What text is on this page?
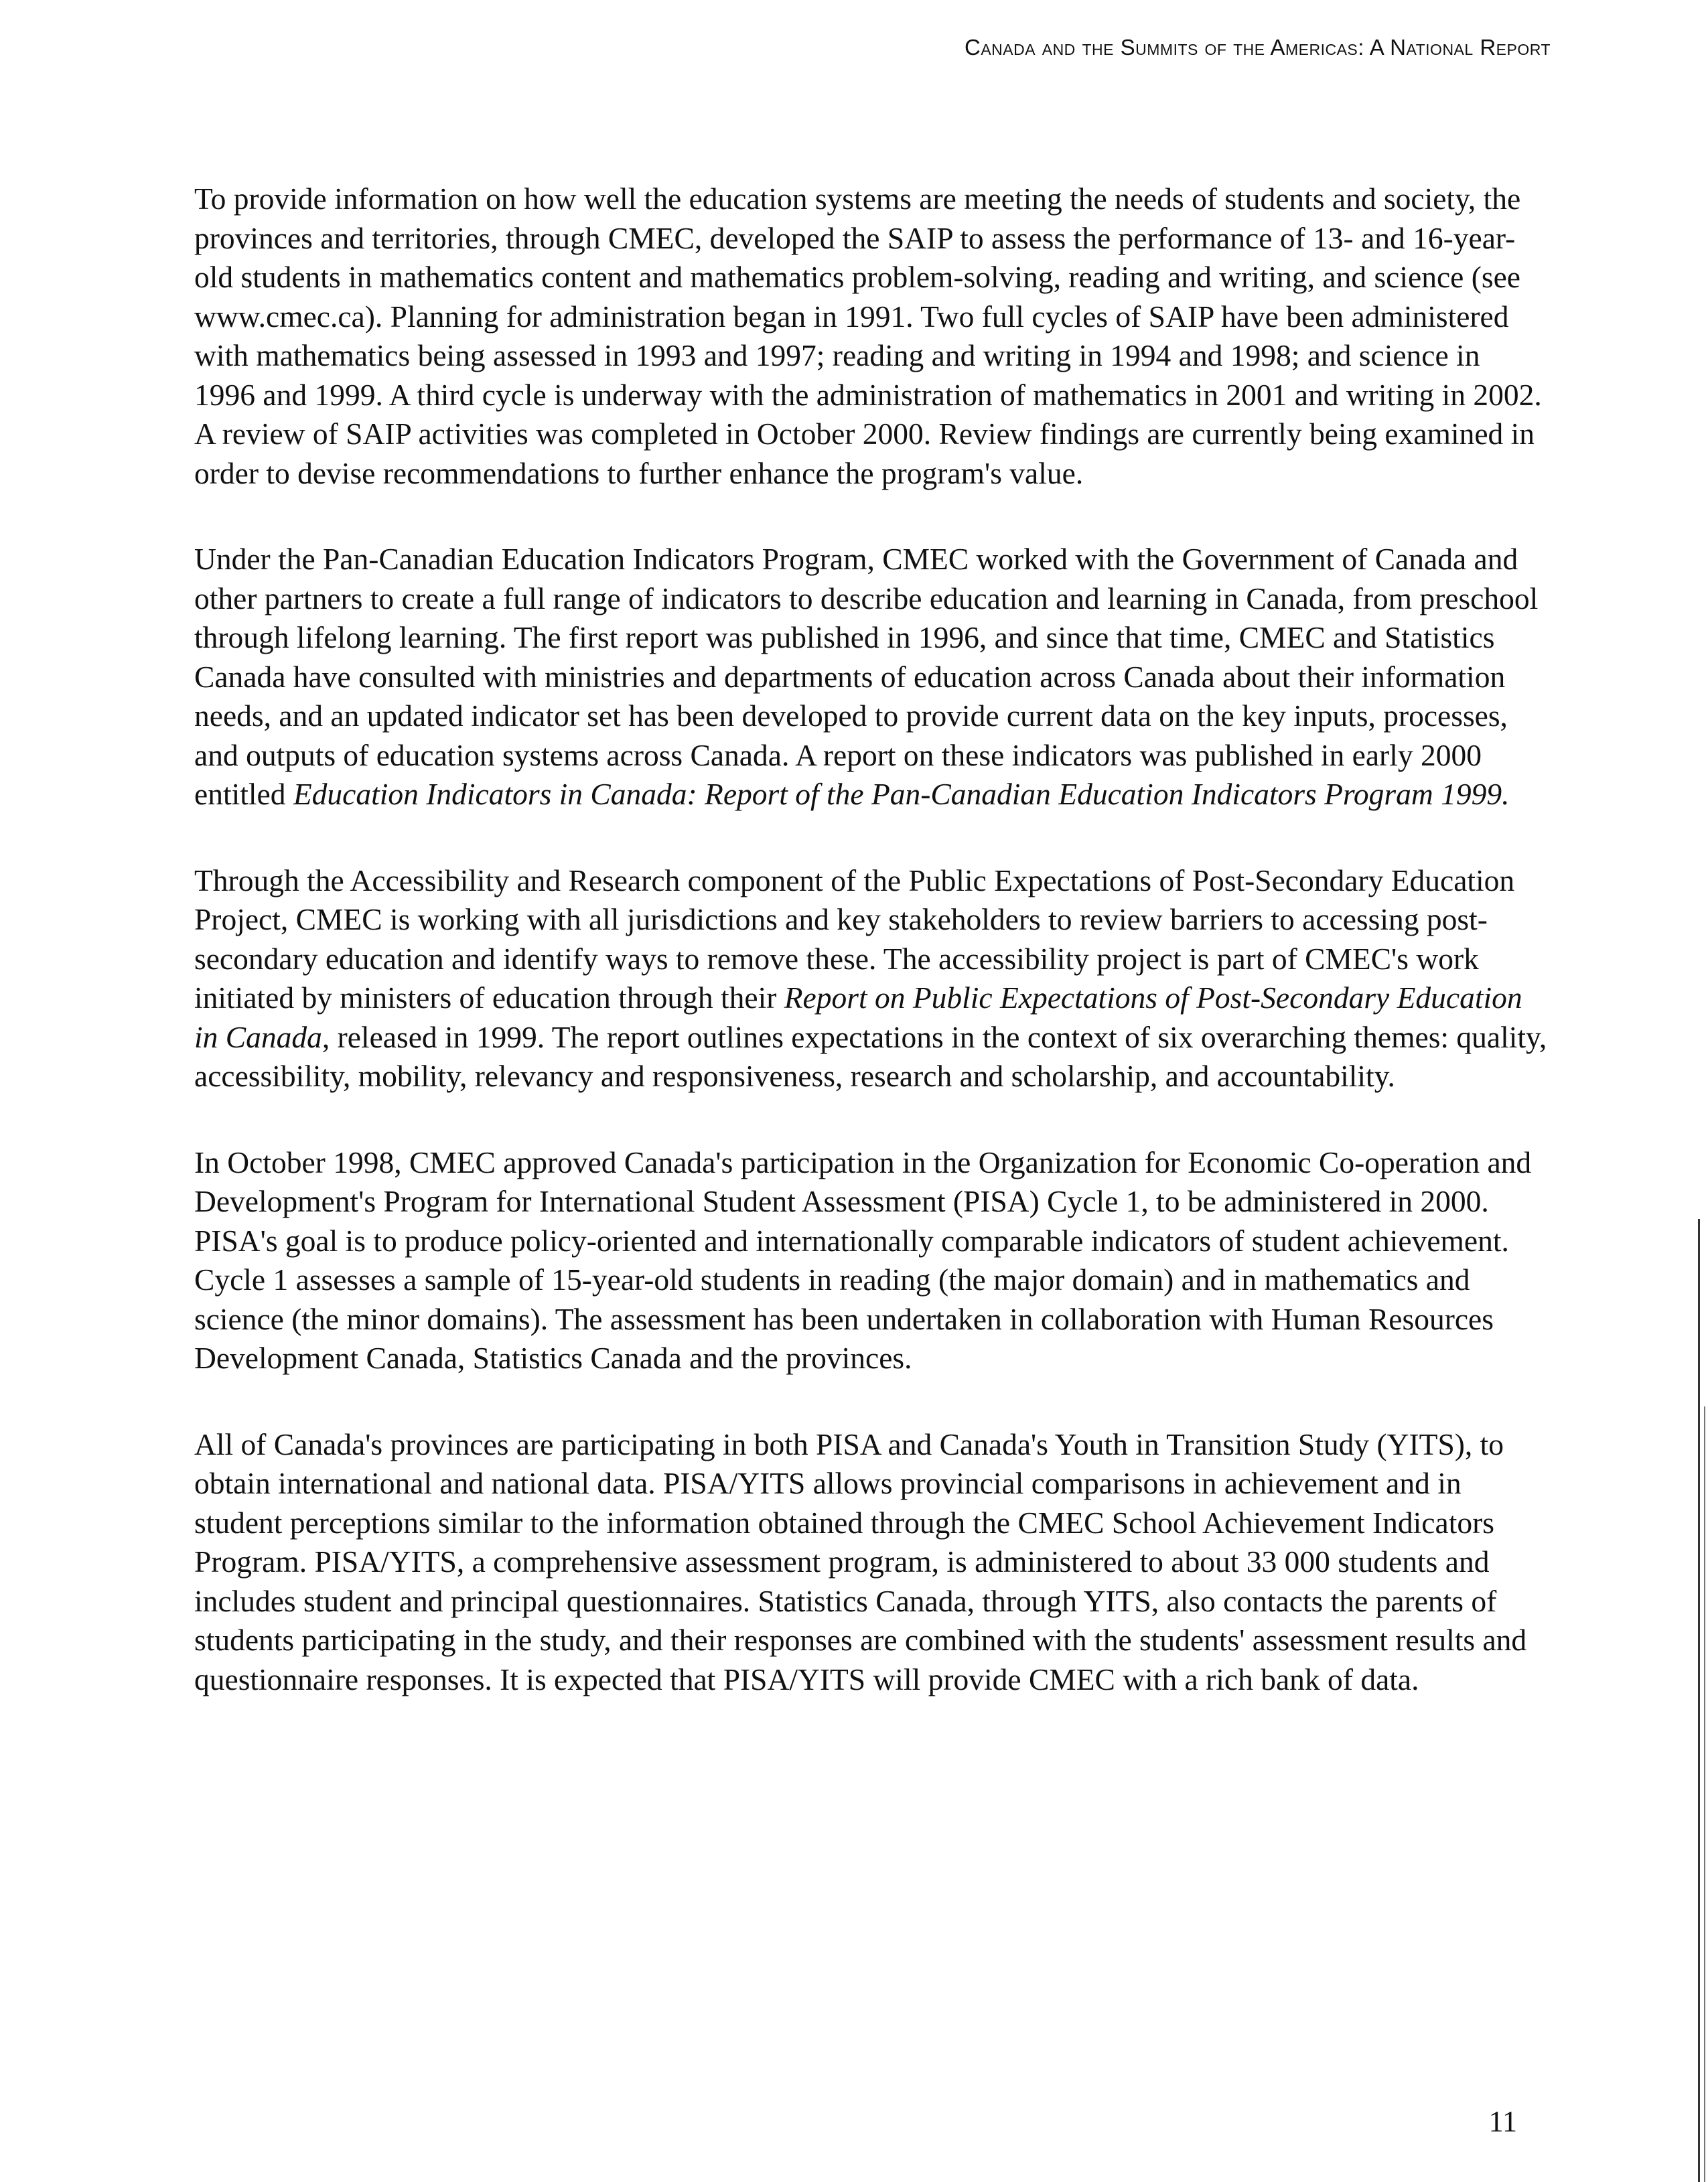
Canada and the Summits of the Americas: A National Report

To provide information on how well the education systems are meeting the needs of students and society, the provinces and territories, through CMEC, developed the SAIP to assess the performance of 13- and 16-year-old students in mathematics content and mathematics problem-solving, reading and writing, and science (see www.cmec.ca). Planning for administration began in 1991. Two full cycles of SAIP have been administered with mathematics being assessed in 1993 and 1997; reading and writing in 1994 and 1998; and science in 1996 and 1999. A third cycle is underway with the administration of mathematics in 2001 and writing in 2002. A review of SAIP activities was completed in October 2000. Review findings are currently being examined in order to devise recommendations to further enhance the program's value.

Under the Pan-Canadian Education Indicators Program, CMEC worked with the Government of Canada and other partners to create a full range of indicators to describe education and learning in Canada, from preschool through lifelong learning. The first report was published in 1996, and since that time, CMEC and Statistics Canada have consulted with ministries and departments of education across Canada about their information needs, and an updated indicator set has been developed to provide current data on the key inputs, processes, and outputs of education systems across Canada. A report on these indicators was published in early 2000 entitled Education Indicators in Canada: Report of the Pan-Canadian Education Indicators Program 1999.

Through the Accessibility and Research component of the Public Expectations of Post-Secondary Education Project, CMEC is working with all jurisdictions and key stakeholders to review barriers to accessing post-secondary education and identify ways to remove these. The accessibility project is part of CMEC's work initiated by ministers of education through their Report on Public Expectations of Post-Secondary Education in Canada, released in 1999. The report outlines expectations in the context of six overarching themes: quality, accessibility, mobility, relevancy and responsiveness, research and scholarship, and accountability.

In October 1998, CMEC approved Canada's participation in the Organization for Economic Co-operation and Development's Program for International Student Assessment (PISA) Cycle 1, to be administered in 2000. PISA's goal is to produce policy-oriented and internationally comparable indicators of student achievement. Cycle 1 assesses a sample of 15-year-old students in reading (the major domain) and in mathematics and science (the minor domains). The assessment has been undertaken in collaboration with Human Resources Development Canada, Statistics Canada and the provinces.

All of Canada's provinces are participating in both PISA and Canada's Youth in Transition Study (YITS), to obtain international and national data. PISA/YITS allows provincial comparisons in achievement and in student perceptions similar to the information obtained through the CMEC School Achievement Indicators Program. PISA/YITS, a comprehensive assessment program, is administered to about 33 000 students and includes student and principal questionnaires. Statistics Canada, through YITS, also contacts the parents of students participating in the study, and their responses are combined with the students' assessment results and questionnaire responses. It is expected that PISA/YITS will provide CMEC with a rich bank of data.

11
